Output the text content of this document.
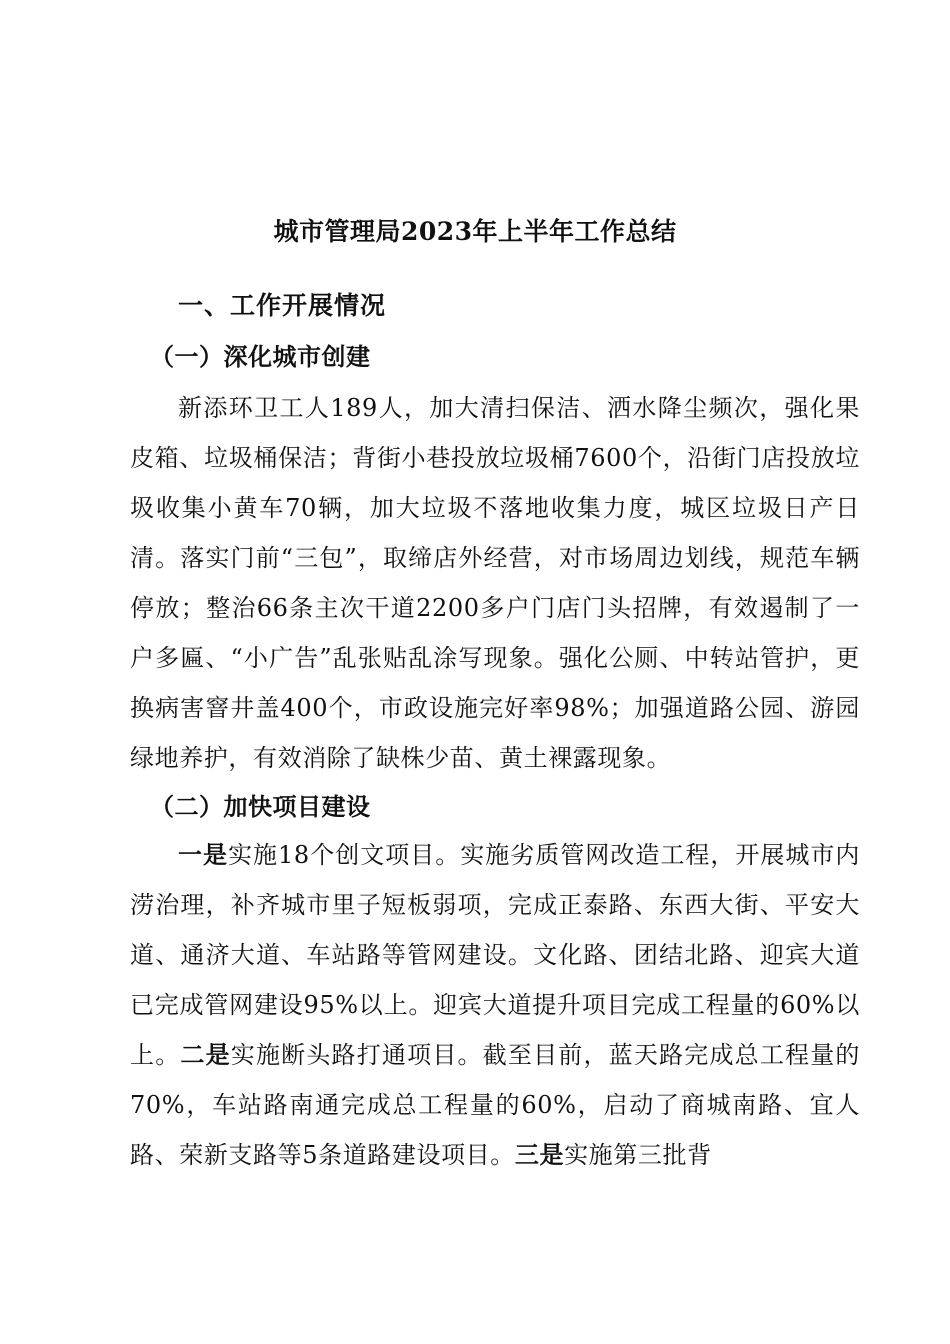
城市管理局2023年上半年工作总结
一、工作开展情况
（一）深化城市创建

新添环卫工人189人，加大清扫保洁、洒水降尘频次，强化果皮箱、垃圾桶保洁；背街小巷投放垃圾桶7600个，沿街门店投放垃圾收集小黄车70辆，加大垃圾不落地收集力度，城区垃圾日产日清。落实门前“三包”，取缔店外经营，对市场周边划线，规范车辆停放；整治66条主次干道2200多户门店门头招牌，有效遏制了一户多匾、“小广告”乱张贴乱涂写现象。强化公厕、中转站管护，更换病害窨井盖400个，市政设施完好率98%；加强道路公园、游园绿地养护，有效消除了缺株少苗、黄土裸露现象。

（二）加快项目建设

一是实施18个创文项目。实施劣质管网改造工程，开展城市内涝治理，补齐城市里子短板弱项，完成正泰路、东西大街、平安大道、通济大道、车站路等管网建设。文化路、团结北路、迎宾大道已完成管网建设95%以上。迎宾大道提升项目完成工程量的60%以上。二是实施断头路打通项目。截至目前，蓝天路完成总工程量的70%，车站路南通完成总工程量的60%，启动了商城南路、宜人路、荣新支路等5条道路建设项目。三是实施第三批背
